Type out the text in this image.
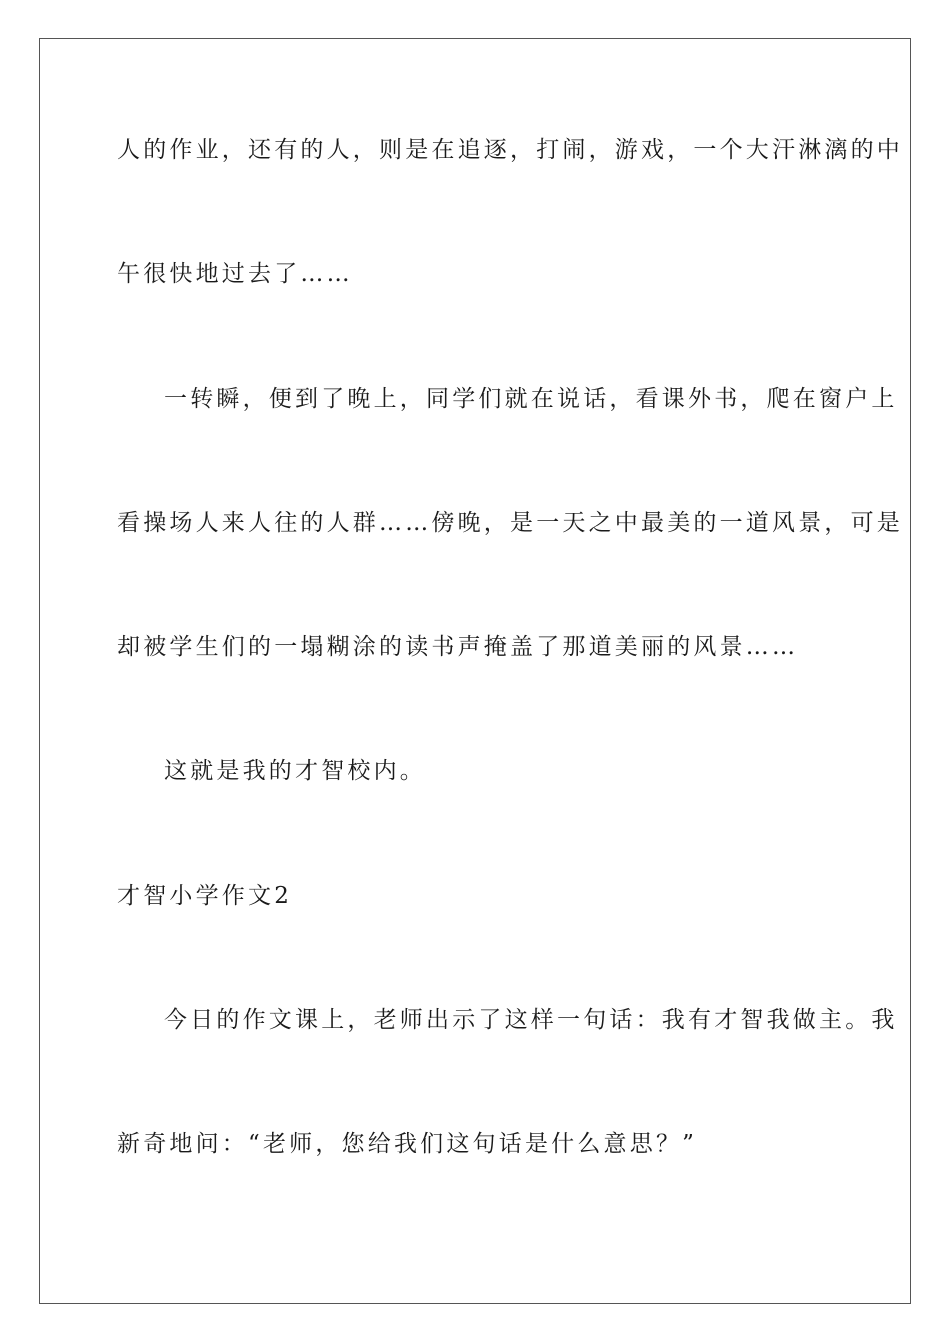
人的作业，还有的人，则是在追逐，打闹，游戏，一个大汗淋漓的中
午很快地过去了……
一转瞬，便到了晚上，同学们就在说话，看课外书，爬在窗户上
看操场人来人往的人群……傍晚，是一天之中最美的一道风景，可是
却被学生们的一塌糊涂的读书声掩盖了那道美丽的风景……
这就是我的才智校内。
才智小学作文2
今日的作文课上，老师出示了这样一句话：我有才智我做主。我
新奇地问：“老师，您给我们这句话是什么意思？”
